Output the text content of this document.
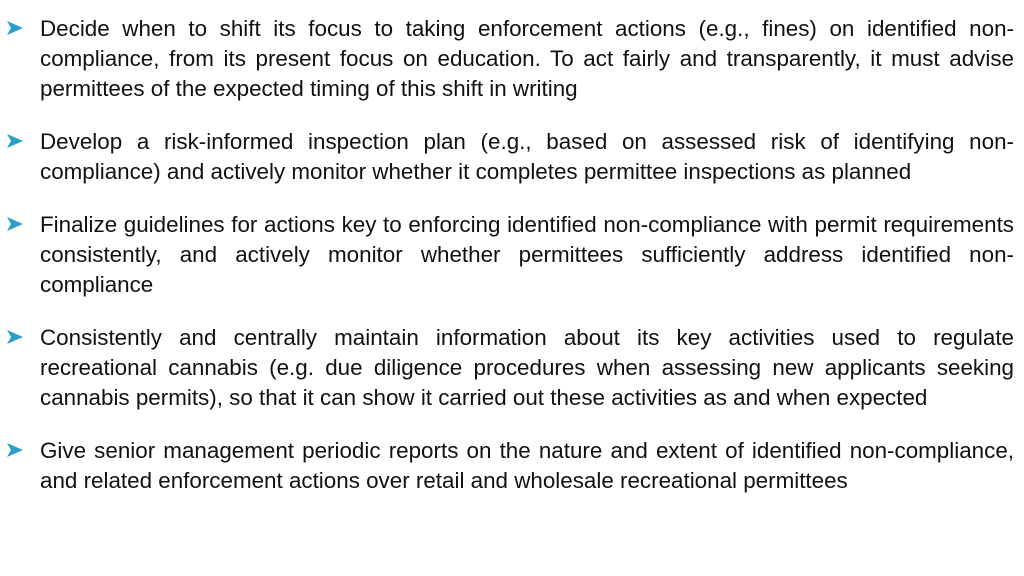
Decide when to shift its focus to taking enforcement actions (e.g., fines) on identified non-compliance, from its present focus on education. To act fairly and transparently, it must advise permittees of the expected timing of this shift in writing
Develop a risk-informed inspection plan (e.g., based on assessed risk of identifying non-compliance) and actively monitor whether it completes permittee inspections as planned
Finalize guidelines for actions key to enforcing identified non-compliance with permit requirements consistently, and actively monitor whether permittees sufficiently address identified non-compliance
Consistently and centrally maintain information about its key activities used to regulate recreational cannabis (e.g. due diligence procedures when assessing new applicants seeking cannabis permits), so that it can show it carried out these activities as and when expected
Give senior management periodic reports on the nature and extent of identified non-compliance, and related enforcement actions over retail and wholesale recreational permittees
